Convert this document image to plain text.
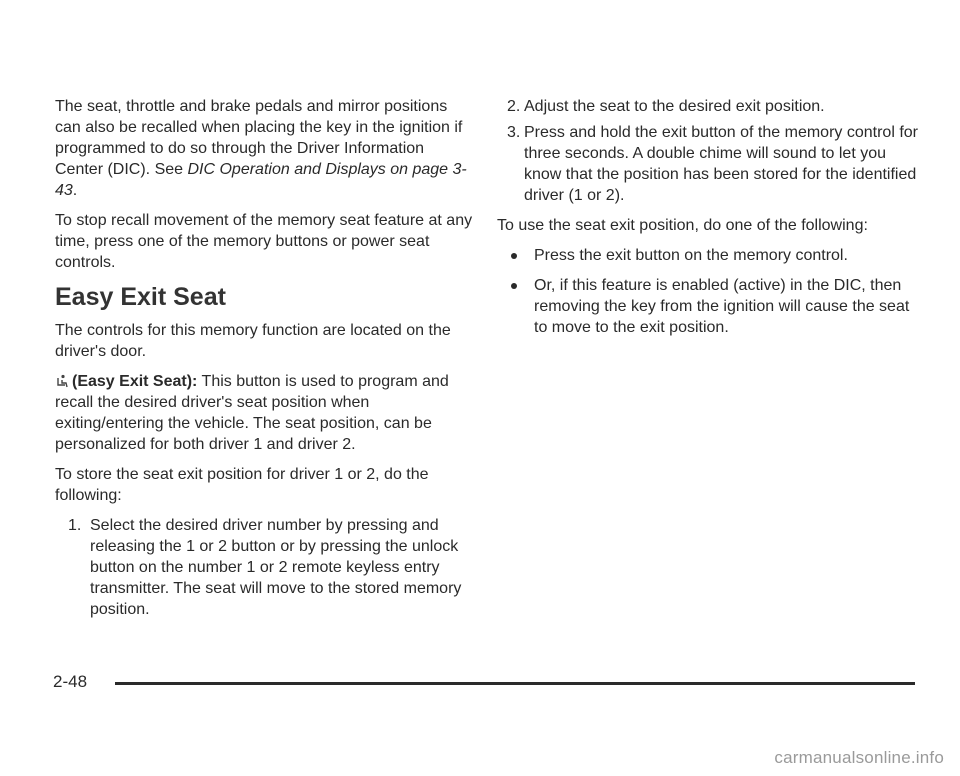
The seat, throttle and brake pedals and mirror positions can also be recalled when placing the key in the ignition if programmed to do so through the Driver Information Center (DIC). See DIC Operation and Displays on page 3-43.

To stop recall movement of the memory seat feature at any time, press one of the memory buttons or power seat controls.

Easy Exit Seat

The controls for this memory function are located on the driver's door.

(Easy Exit Seat): This button is used to program and recall the desired driver's seat position when exiting/entering the vehicle. The seat position, can be personalized for both driver 1 and driver 2.

To store the seat exit position for driver 1 or 2, do the following:

1. Select the desired driver number by pressing and releasing the 1 or 2 button or by pressing the unlock button on the number 1 or 2 remote keyless entry transmitter. The seat will move to the stored memory position.
2. Adjust the seat to the desired exit position.
3. Press and hold the exit button of the memory control for three seconds. A double chime will sound to let you know that the position has been stored for the identified driver (1 or 2).

To use the seat exit position, do one of the following:

Press the exit button on the memory control.
Or, if this feature is enabled (active) in the DIC, then removing the key from the ignition will cause the seat to move to the exit position.
2-48
carmanualsonline.info
